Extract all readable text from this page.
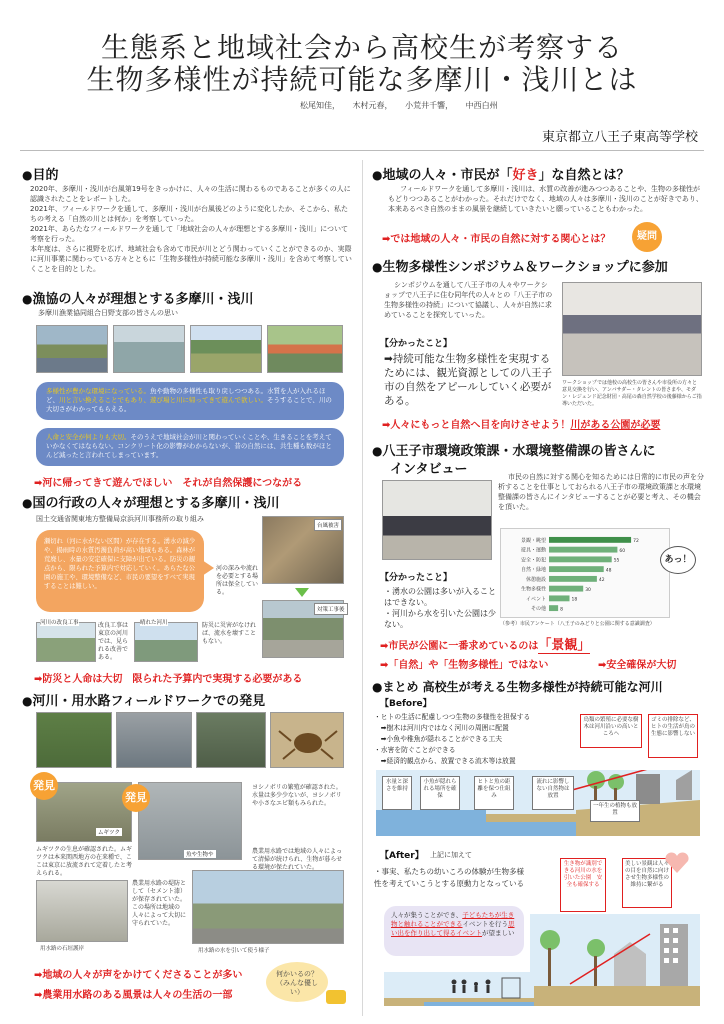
生態系と地域社会から高校生が考察する
生物多様性が持続可能な多摩川・浅川とは
松尾知佳， 木村元春， 小荒井千響， 中西白州
東京都立八王子東高等学校
●目的
2020年、多摩川・浅川が台風第19号をきっかけに、人々の生活に関わるものであることが多くの人に認識されたことをレポートした。
2021年、フィールドワークを通して、多摩川・浅川が台風後どのように変化したか、そこから、私たちの考える「自然の川とは何か」を考察していった。
2021年、あらたなフィールドワークを通して「地域社会の人々が理想とする多摩川・浅川」について考察を行った。
本年度は、さらに視野を広げ、地域社会も含めて市民が川とどう関わっていくことができるのか、実際に河川事業に関わっている方々とともに「生物多様性が持続可能な多摩川・浅川」を含めて考察していくことを目的とした。
●漁協の人々が理想とする多摩川・浅川
多摩川漁業協同組合日野支部の皆さんの思い
多様性が豊かな環境になっている。魚や動物の多様性も取り戻しつつある。水質を人が入れるほど、川と言い換えることでもあり、遊び場と川に帰ってきて遊んで欲しい。そうすることで、川の大切さがわかってもらえる。
人命と安全が何よりも大切。そのうえで地域社会が川と関わっていくことや、生きることを考えていかなくてはならない。コンクリート化の影響がわからないが、昔の自然には、共生種も数がほとんど減ったと言われてしまっています。
➡河に帰ってきて遊んでほしい　それが自然保護につながる
●国の行政の人々が理想とする多摩川・浅川
国土交通省関東地方整備局京浜河川事務所の取り組み
瀬切れ（河に水がない区間）が存在する。湧水の減少や、揚雨時の水質汚濁負荷が高い地域もある。森林が荒廃し、水量の安定確保に支障が出ている。防災の観点から、限られた予算内で対応していく。あらたな公園の施工や、環境整備など、市民の要望をすべて実現することは難しい。
河の深みや流れを必要とする場所は保全している。
台風被害
対策工事後
河川の改良工事	改良工事は東京の河川では、見られる改善である。
晴れた河川	防災に災害がなければ、流水を壊すこともない。
➡防災と人命は大切　限られた予算内で実現する必要がある
●河川・用水路フィールドワークでの発見
発見
ムギツク
発見
魚や生物や
ムギツクの生息が確認された。ムギツクは本来関西地方の在来種で、ここは東京に放流されて定着したと考えられる。
ヨシノボリの繁殖が確認された。水量は多少少ないが、ヨシノボリや小さなエビ類もみられた。
用水路の石垣護岸
農業用水路の堤防として（セメント漆）が保存されていた。この場所は地域の人々によって大切に守られていた。
農業用水路では地域の人々によって清掃が続けられ、生物が暮らせる環境が保たれていた。
用水路の水を引いて使う様子
➡地域の人々が声をかけてくださることが多い
➡農業用水路のある風景は人々の生活の一部
何かいるの？（みんな優しい）
●地域の人々・市民が「好き」な自然とは？
フィールドワークを通して多摩川・浅川は、水質の改善が進みつつあることや、生物の多様性がもどりつつあることがわかった。それだけでなく、地域の人々は多摩川・浅川のことが好きであり、本来あるべき自然のままの風景を継続していきたいと願っていることもわかった。
➡では地域の人々・市民の自然に対する関心とは？	疑問
●生物多様性シンポジウム＆ワークショップに参加
シンポジウムを通して八王子市の人々やワークショップで八王子に住む同年代の人々との「八王子市の生物多様性の持続」について協議し、人々が自然に求めていることを探究していった。
【分かったこと】
➡持続可能な生物多様性を実現するためには、観光資源としての八王子市の自然をアピールしていく必要がある。
ワークショップでは他校の高校生の皆さんや市役所の方々と意見交換を行い、アンバサダー・タレントの皆さまや、モダン・レジェンド記念財団・高尾の森自然学校の後藤様からご指導いただいた。
➡人々にもっと自然へ目を向けさせよう！川がある公園が必要
●八王子市環境政策課・水環境整備課の皆さんに
インタビュー	市民の自然に対する関心を知るためには日常的に市民の声を分析することを仕事としておられる八王子市の環境政策課と水環境整備課の皆さんにインタビューすることが必要と考え、その機会を頂いた。
【分かったこと】
・湧水の公園は多いが入ることはできない。
・河川から水を引いた公園は少ない。
景観・眺望	72
遊具・運動	60
安全・防犯	55
自然・緑地	48
休憩施設	42
生物多様性	30
イベント	18
その他	8
あっ！
（参考）市民アンケート（八王子のみどりと公園に関する意識調査）
➡市民が公園に一番求めているのは「景観」
➡「自然」や「生物多様性」ではない	➡安全確保が大切
●まとめ 高校生が考える生物多様性が持続可能な河川
【Before】
・ヒトの生活に配慮しつつ生物の多様性を担保する
　➡樹木は河川内ではなく河川の周囲に配置
　➡小魚や稚魚が隠れることができる工夫
・水害を防ぐことができる
　➡経済的観点から、放置できる流木等は放置
鳥類の繁殖に必要な樹木は河川沿いの高いところへ
ゴミの排除など、ヒトの生活が鳥の生態に影響しない
水量と深さを維持
小魚が隠れられる場所を確保
ヒトと魚の距離を保つ仕組み
流れに影響しない自然物は放置
一年生の植物も放置
【After】 上記に加えて
・事実、私たちの幼いころの体験が生物多様性を考えていこうとする原動力となっている
生き物が識別できる河川の水を引いた公園　安全も確保する
美しい景観は人々の目を自然に向けさせ生物多様性の維持に繋がる
人々が集うことができ、子どもたちが生き物と触れることができるイベントを行う思い出を作り出して得るイベントが望ましい
